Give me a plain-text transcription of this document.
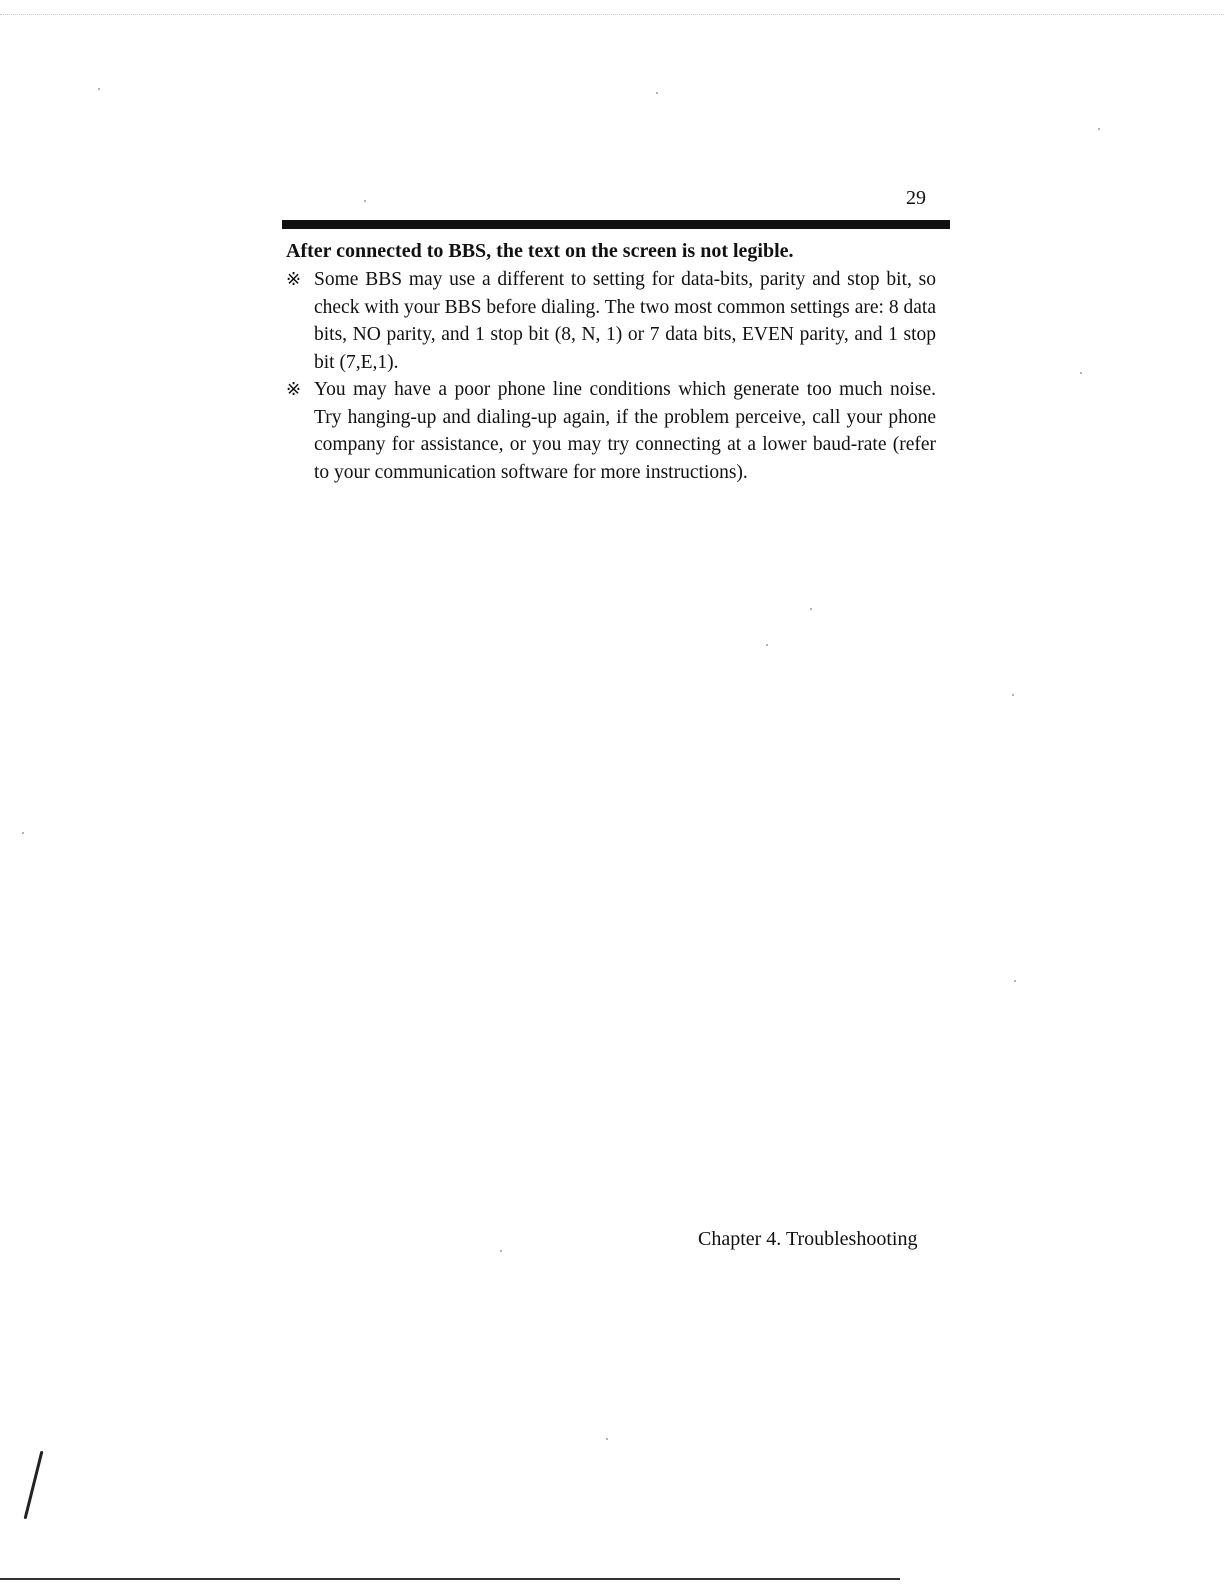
29
After connected to BBS, the text on the screen is not legible.

※ Some BBS may use a different to setting for data-bits, parity and stop bit, so check with your BBS before dialing. The two most common settings are: 8 data bits, NO parity, and 1 stop bit (8, N, 1) or 7 data bits, EVEN parity, and 1 stop bit (7,E,1).

※ You may have a poor phone line conditions which generate too much noise. Try hanging-up and dialing-up again, if the problem perceive, call your phone company for assistance, or you may try connecting at a lower baud-rate (refer to your communication software for more instructions).

Chapter 4. Troubleshooting
